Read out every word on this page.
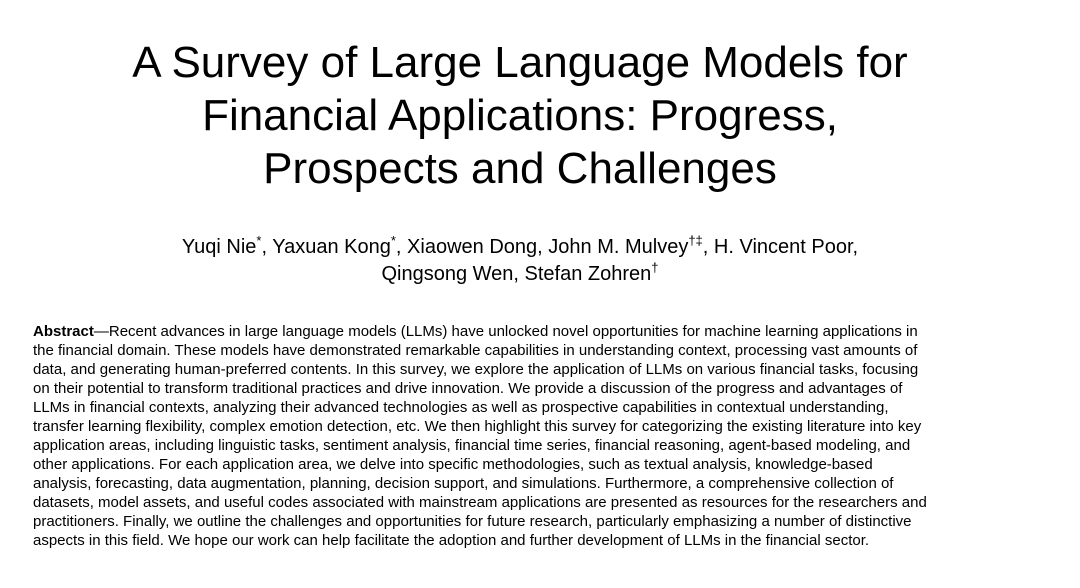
A Survey of Large Language Models for
Financial Applications: Progress,
Prospects and Challenges
Yuqi Nie*, Yaxuan Kong*, Xiaowen Dong, John M. Mulvey†‡, H. Vincent Poor,
Qingsong Wen, Stefan Zohren†
Abstract—Recent advances in large language models (LLMs) have unlocked novel opportunities for machine learning applications in
the financial domain. These models have demonstrated remarkable capabilities in understanding context, processing vast amounts of
data, and generating human-preferred contents. In this survey, we explore the application of LLMs on various financial tasks, focusing
on their potential to transform traditional practices and drive innovation. We provide a discussion of the progress and advantages of
LLMs in financial contexts, analyzing their advanced technologies as well as prospective capabilities in contextual understanding,
transfer learning flexibility, complex emotion detection, etc. We then highlight this survey for categorizing the existing literature into key
application areas, including linguistic tasks, sentiment analysis, financial time series, financial reasoning, agent-based modeling, and
other applications. For each application area, we delve into specific methodologies, such as textual analysis, knowledge-based
analysis, forecasting, data augmentation, planning, decision support, and simulations. Furthermore, a comprehensive collection of
datasets, model assets, and useful codes associated with mainstream applications are presented as resources for the researchers and
practitioners. Finally, we outline the challenges and opportunities for future research, particularly emphasizing a number of distinctive
aspects in this field. We hope our work can help facilitate the adoption and further development of LLMs in the financial sector.
